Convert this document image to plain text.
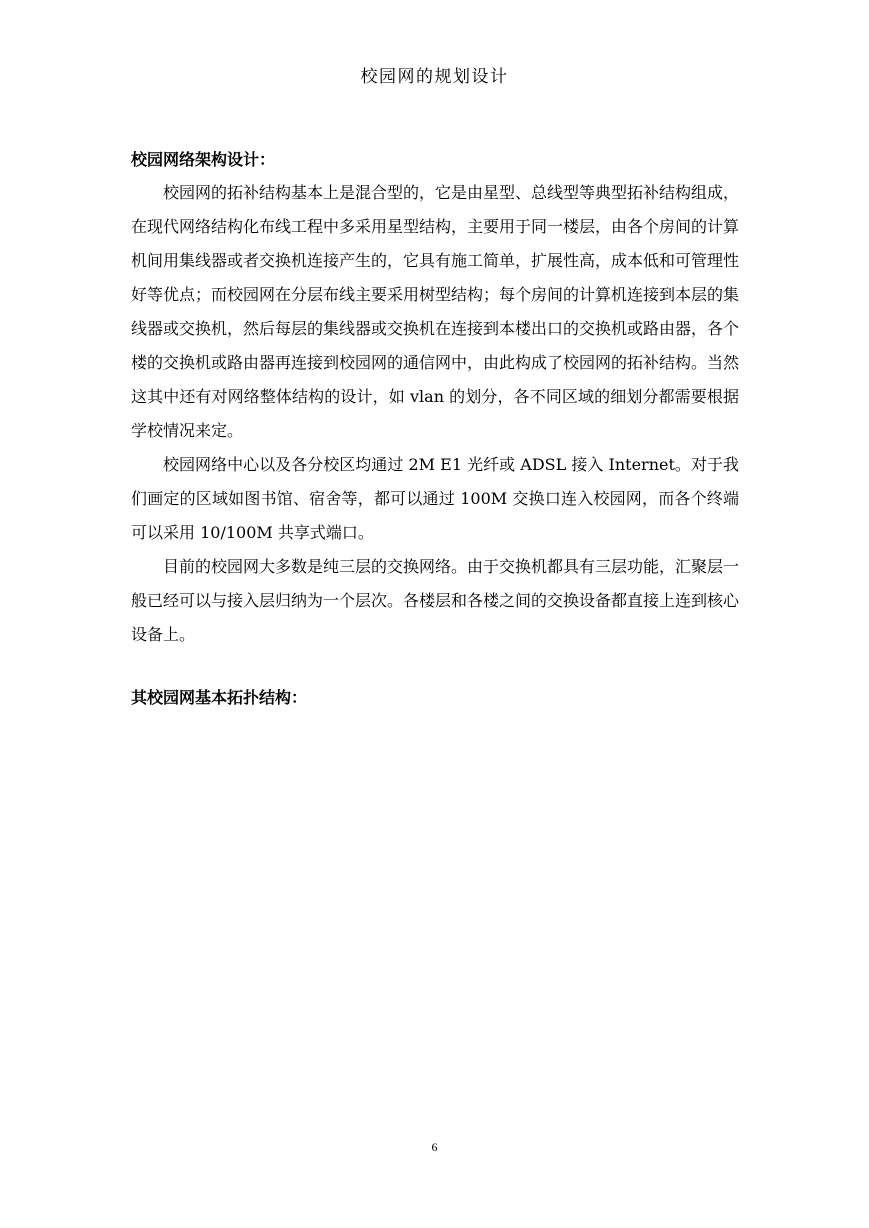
校园网的规划设计
校园网络架构设计：

校园网的拓补结构基本上是混合型的，它是由星型、总线型等典型拓补结构组成，在现代网络结构化布线工程中多采用星型结构，主要用于同一楼层，由各个房间的计算机间用集线器或者交换机连接产生的，它具有施工简单，扩展性高，成本低和可管理性好等优点；而校园网在分层布线主要采用树型结构；每个房间的计算机连接到本层的集线器或交换机，然后每层的集线器或交换机在连接到本楼出口的交换机或路由器，各个楼的交换机或路由器再连接到校园网的通信网中，由此构成了校园网的拓补结构。当然这其中还有对网络整体结构的设计，如 vlan 的划分，各不同区域的细划分都需要根据学校情况来定。

校园网络中心以及各分校区均通过 2M E1 光纤或 ADSL 接入 Internet。对于我们画定的区域如图书馆、宿舍等，都可以通过 100M 交换口连入校园网，而各个终端可以采用 10/100M 共享式端口。

目前的校园网大多数是纯三层的交换网络。由于交换机都具有三层功能，汇聚层一般已经可以与接入层归纳为一个层次。各楼层和各楼之间的交换设备都直接上连到核心设备上。

其校园网基本拓扑结构：
6
